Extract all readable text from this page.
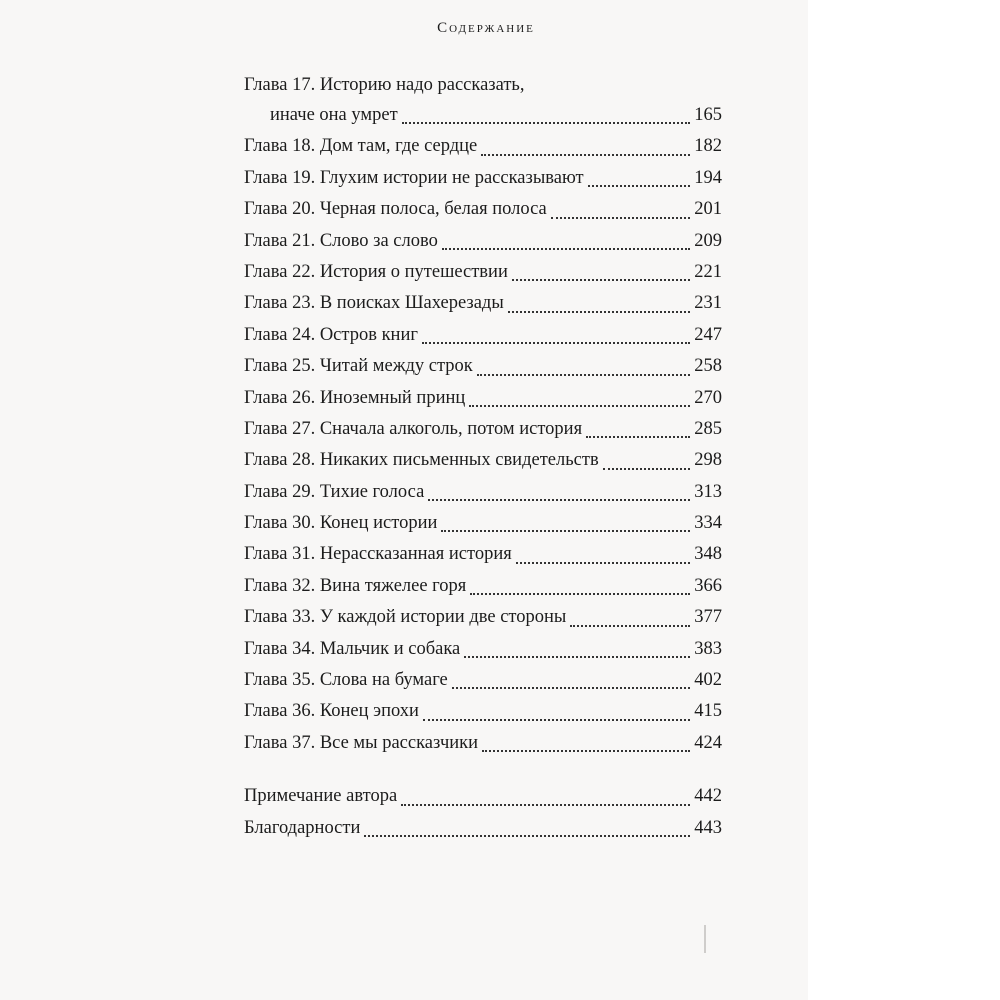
Содержание
Глава 17. Историю надо рассказать,
иначе она умрет	165
Глава 18. Дом там, где сердце	182
Глава 19. Глухим истории не рассказывают	194
Глава 20. Черная полоса, белая полоса	201
Глава 21. Слово за слово	209
Глава 22. История о путешествии	221
Глава 23. В поисках Шахерезады	231
Глава 24. Остров книг	247
Глава 25. Читай между строк	258
Глава 26. Иноземный принц	270
Глава 27. Сначала алкоголь, потом история	285
Глава 28. Никаких письменных свидетельств	298
Глава 29. Тихие голоса	313
Глава 30. Конец истории	334
Глава 31. Нерассказанная история	348
Глава 32. Вина тяжелее горя	366
Глава 33. У каждой истории две стороны	377
Глава 34. Мальчик и собака	383
Глава 35. Слова на бумаге	402
Глава 36. Конец эпохи	415
Глава 37. Все мы рассказчики	424
Примечание автора	442
Благодарности	443
